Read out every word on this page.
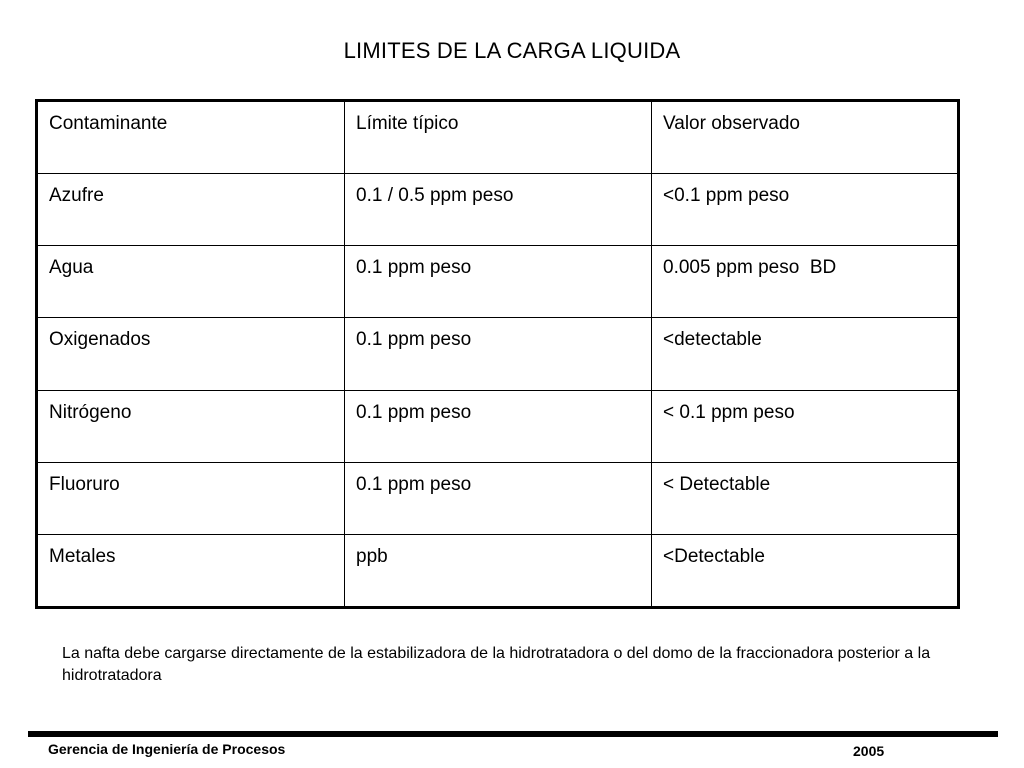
LIMITES DE LA CARGA LIQUIDA
Contaminante	Límite típico	Valor observado
Azufre	0.1 / 0.5 ppm peso	<0.1 ppm peso
Agua	0.1 ppm peso	0.005 ppm peso  BD
Oxigenados	0.1 ppm peso	<detectable
Nitrógeno	0.1 ppm peso	< 0.1 ppm peso
Fluoruro	0.1 ppm peso	< Detectable
Metales	ppb	<Detectable
La nafta debe cargarse directamente de la estabilizadora de la hidrotratadora o del domo de la fraccionadora posterior a la hidrotratadora
Gerencia de Ingeniería de Procesos	2005
